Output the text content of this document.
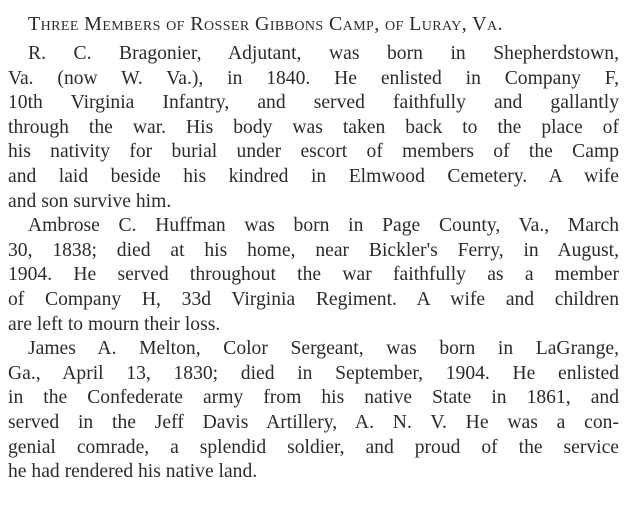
Three Members of Rosser Gibbons Camp, of Luray, Va.
R. C. Bragonier, Adjutant, was born in Shepherdstown,
Va. (now W. Va.), in 1840. He enlisted in Company F,
10th Virginia Infantry, and served faithfully and gallantly
through the war. His body was taken back to the place of
his nativity for burial under escort of members of the Camp
and laid beside his kindred in Elmwood Cemetery. A wife
and son survive him.
Ambrose C. Huffman was born in Page County, Va., March
30, 1838; died at his home, near Bickler's Ferry, in August,
1904. He served throughout the war faithfully as a member
of Company H, 33d Virginia Regiment. A wife and children
are left to mourn their loss.
James A. Melton, Color Sergeant, was born in LaGrange,
Ga., April 13, 1830; died in September, 1904. He enlisted
in the Confederate army from his native State in 1861, and
served in the Jeff Davis Artillery, A. N. V. He was a con-
genial comrade, a splendid soldier, and proud of the service
he had rendered his native land.
